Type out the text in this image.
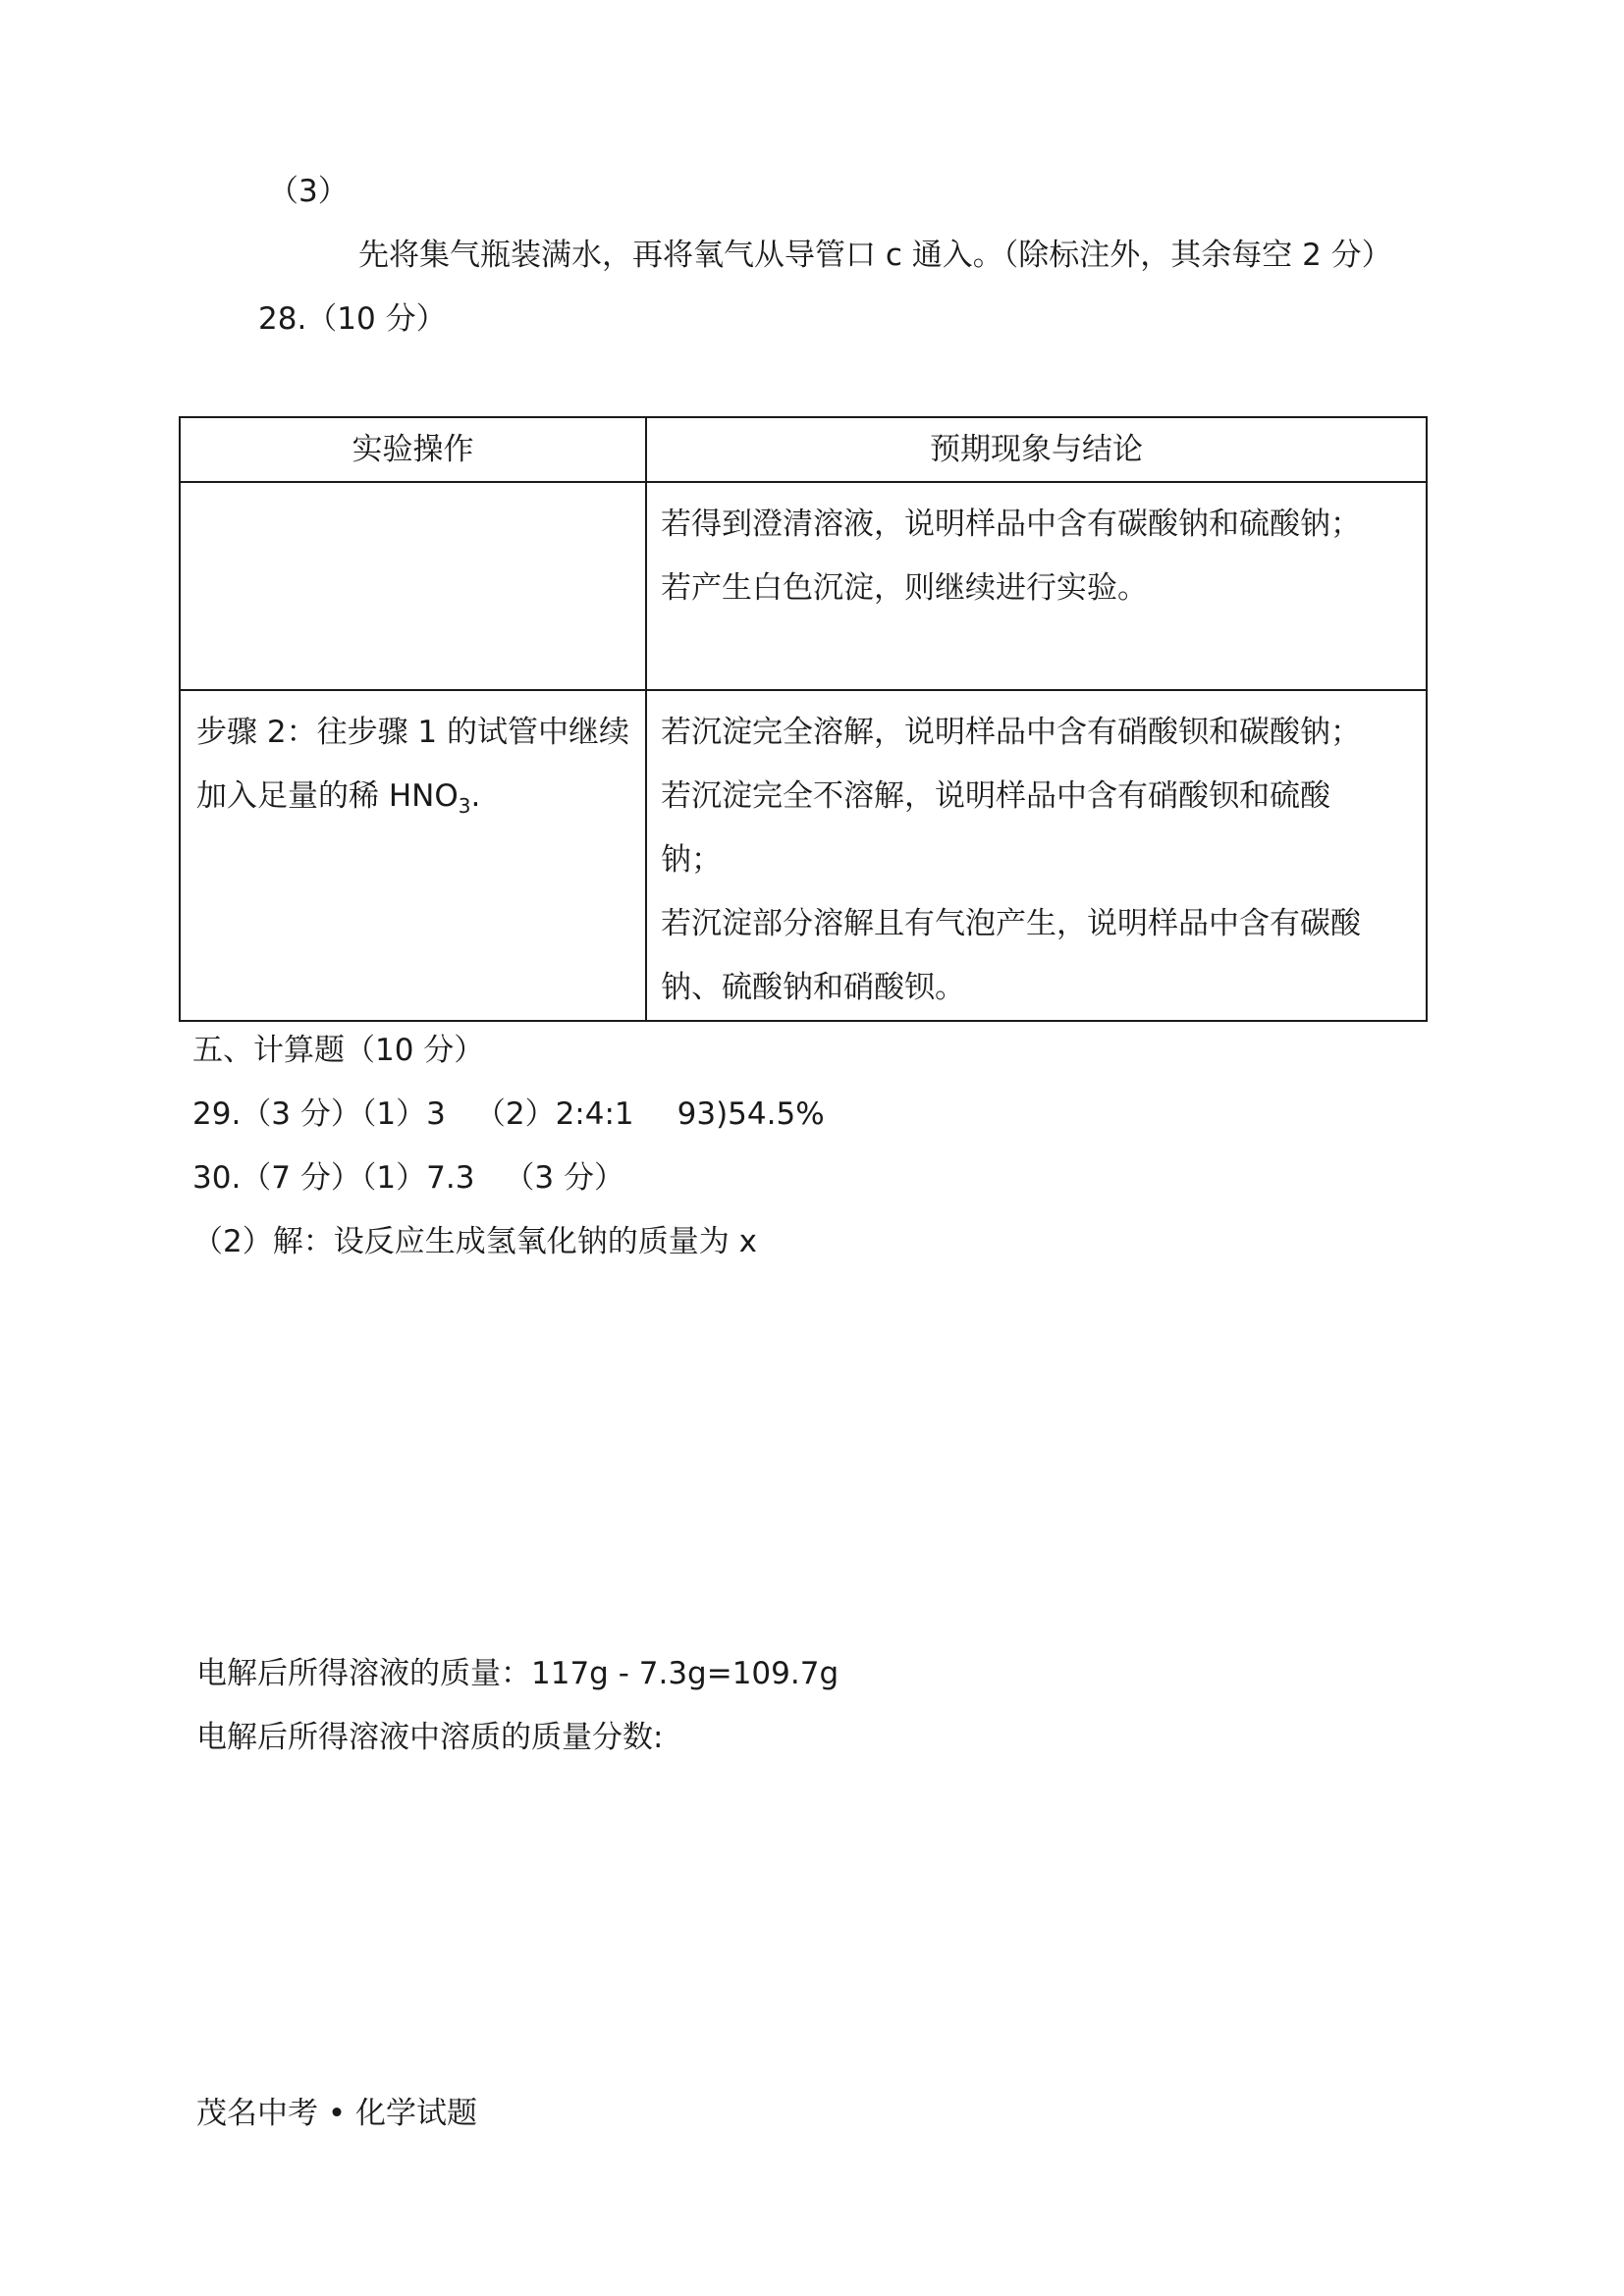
（3）
先将集气瓶装满水，再将氧气从导管口 c 通入。（除标注外，其余每空 2 分）
28.（10 分）
实验操作	预期现象与结论

	若得到澄清溶液，说明样品中含有碳酸钠和硫酸钠；
若产生白色沉淀，则继续进行实验。

步骤 2：往步骤 1 的试管中继续
加入足量的稀 $HNO_3$.	若沉淀完全溶解，说明样品中含有硝酸钡和碳酸钠；
若沉淀完全不溶解，说明样品中含有硝酸钡和硫酸
钠；
若沉淀部分溶解且有气泡产生，说明样品中含有碳酸
钠、硫酸钠和硝酸钡。
五、计算题（10 分）
29.（3 分）（1）3 （2）2:4:1 93)54.5%
30.（7 分）（1）7.3 （3 分）
（2）解：设反应生成氢氧化钠的质量为 x
电解后所得溶液的质量：117g - 7.3g=109.7g
电解后所得溶液中溶质的质量分数:
茂名中考 • 化学试题
